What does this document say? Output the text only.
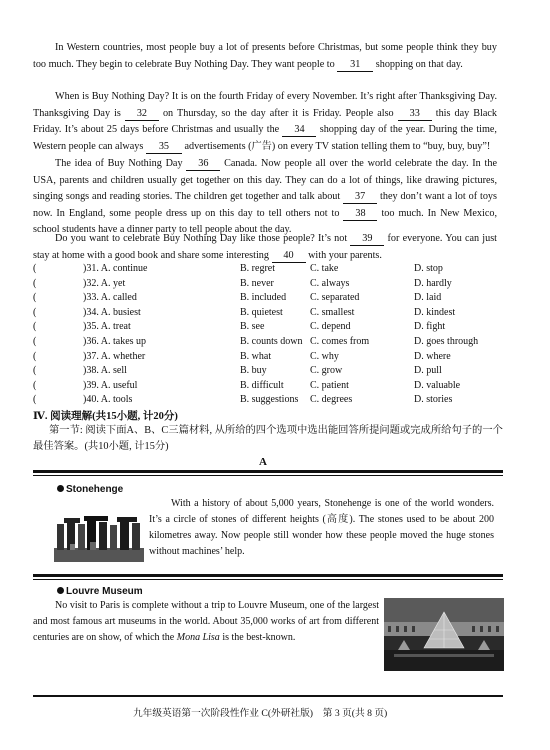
In Western countries, most people buy a lot of presents before Christmas, but some people think they buy too much. They begin to celebrate Buy Nothing Day. They want people to 31 shopping on that day.

When is Buy Nothing Day? It is on the fourth Friday of every November. It’s right after Thanksgiving Day. Thanksgiving Day is 32 on Thursday, so the day after it is Friday. People also 33 this day Black Friday. It’s about 25 days before Christmas and usually the 34 shopping day of the year. During the time, Western people can always 35 advertisements (广告) on every TV station telling them to “buy, buy, buy”!

The idea of Buy Nothing Day 36 Canada. Now people all over the world celebrate the day. In the USA, parents and children usually get together on this day. They can do a lot of things, like drawing pictures, singing songs and reading stories. The children get together and talk about 37 they don’t want a lot of toys now. In England, some people dress up on this day to tell others not to 38 too much. In New Mexico, school students have a dinner party to tell people about the day.

Do you want to celebrate Buy Nothing Day like those people? It’s not 39 for everyone. You can just stay at home with a good book and share some interesting 40 with your parents.

(	)31. A. continue	B. regret	C. take	D. stop
(	)32. A. yet	B. never	C. always	D. hardly
(	)33. A. called	B. included C. separated	D. laid
(	)34. A. busiest	B. quietest	C. smallest	D. kindest
(	)35. A. treat	B. see	C. depend	D. fight
(	)36. A. takes up	B. counts down C. comes from	D. goes through
(	)37. A. whether	B. what	C. why	D. where
(	)38. A. sell	B. buy	C. grow	D. pull
(	)39. A. useful	B. difficult	C. patient	D. valuable
(	)40. A. tools	B. suggestions C. degrees	D. stories
Ⅳ. 阅读理解(共15小题, 计20分)
第一节: 阅读下面A、B、C三篇材料, 从所给的四个选项中选出能回答所提问题或完成所给句子的一个最佳答案。(共10小题, 计15分)
A
Stonehenge

With a history of about 5,000 years, Stonehenge is one of the world wonders. It’s a circle of stones of different heights (高度). The stones used to be about 200 kilometres away. Now people still wonder how these people moved the huge stones without machines’ help.

Louvre Museum

No visit to Paris is complete without a trip to Louvre Museum, one of the largest and most famous art museums in the world. About 35,000 works of art from different centuries are on show, of which the Mona Lisa is the best-known.

九年级英语第一次阶段性作业 C(外研社版)　第 3 页(共 8 页)
